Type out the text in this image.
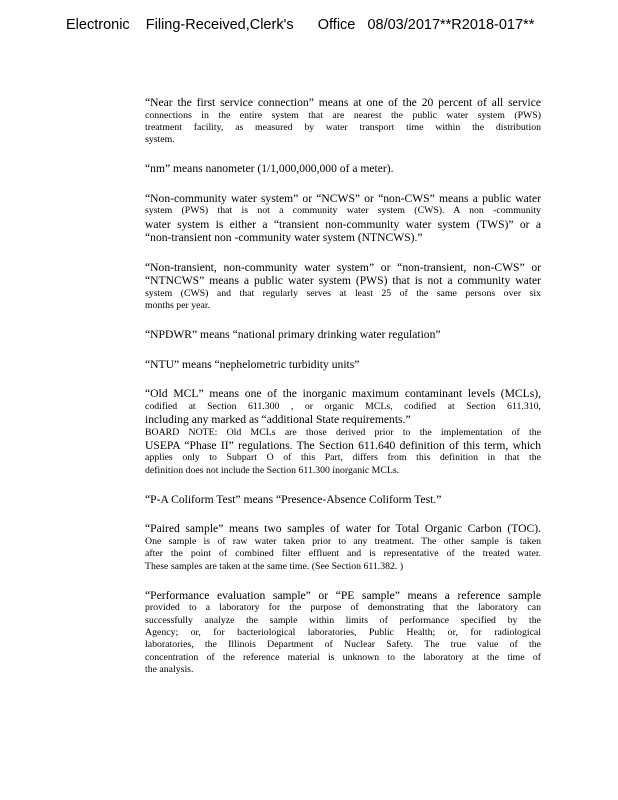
Electronic    Filing-Received,Clerk's      Office   08/03/2017**R2018-017**
“Near the first service connection” means at one of the 20 percent of all service
connections in the entire system that are nearest the public water system (PWS)
treatment facility, as measured by water transport time within the distribution
system.
“nm” means nanometer (1/1,000,000,000 of a meter).
“Non-community water system” or “NCWS” or “non-CWS” means a public water
system (PWS) that is not a community water system (CWS). A non -community
water system is either a “transient non-community water system (TWS)” or a
“non-transient non -community water system (NTNCWS).”
“Non-transient, non-community water system” or “non-transient, non-CWS” or
“NTNCWS” means a public water system (PWS) that is not a community water
system (CWS) and that regularly serves at least 25 of the same persons over six
months per year.
“NPDWR” means “national primary drinking water regulation”
“NTU” means “nephelometric turbidity units”
“Old MCL” means one of the inorganic maximum contaminant levels (MCLs),
codified at Section 611.300 , or organic MCLs, codified at Section 611.310,
including any marked as “additional State requirements.”
BOARD NOTE: Old MCLs are those derived prior to the implementation of the
USEPA “Phase II” regulations. The Section 611.640 definition of this term, which
applies only to Subpart O of this Part, differs from this definition in that the
definition does not include the Section 611.300 inorganic MCLs.
“P-A Coliform Test” means “Presence-Absence Coliform Test.”
“Paired sample” means two samples of water for Total Organic Carbon (TOC).
One sample is of raw water taken prior to any treatment. The other sample is taken
after the point of combined filter effluent and is representative of the treated water.
These samples are taken at the same time. (See Section 611.382. )
“Performance evaluation sample” or “PE sample” means a reference sample
provided to a laboratory for the purpose of demonstrating that the laboratory can
successfully analyze the sample within limits of performance specified by the
Agency; or, for bacteriological laboratories, Public Health; or, for radiological
laboratories, the Illinois Department of Nuclear Safety. The true value of the
concentration of the reference material is unknown to the laboratory at the time of
the analysis.
